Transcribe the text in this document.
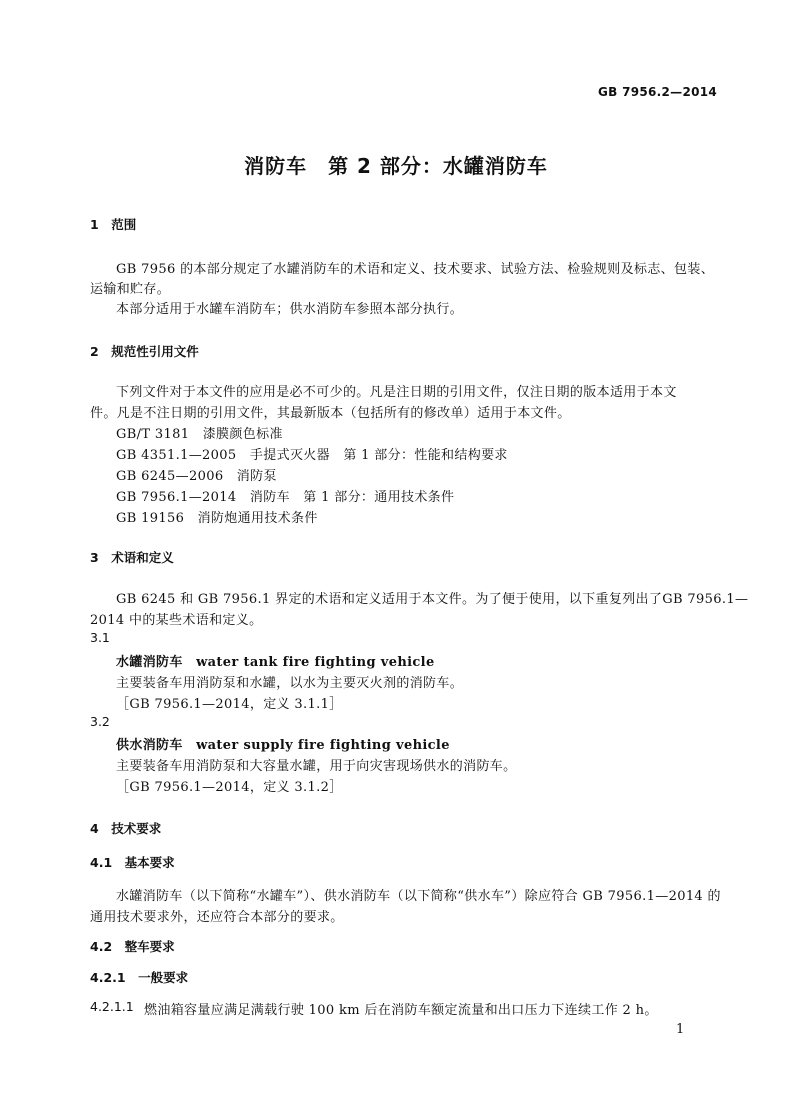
GB 7956.2—2014
消防车　第 2 部分：水罐消防车
1　范围
GB 7956 的本部分规定了水罐消防车的术语和定义、技术要求、试验方法、检验规则及标志、包装、
运输和贮存。
本部分适用于水罐车消防车；供水消防车参照本部分执行。
2　规范性引用文件
下列文件对于本文件的应用是必不可少的。凡是注日期的引用文件，仅注日期的版本适用于本文
件。凡是不注日期的引用文件，其最新版本（包括所有的修改单）适用于本文件。
GB/T 3181　漆膜颜色标准
GB 4351.1—2005　手提式灭火器　第 1 部分：性能和结构要求
GB 6245—2006　消防泵
GB 7956.1—2014　消防车　第 1 部分：通用技术条件
GB 19156　消防炮通用技术条件
3　术语和定义
GB 6245 和 GB 7956.1 界定的术语和定义适用于本文件。为了便于使用，以下重复列出了GB 7956.1—
2014 中的某些术语和定义。
3.1
水罐消防车　water tank fire fighting vehicle
主要装备车用消防泵和水罐，以水为主要灭火剂的消防车。
［GB 7956.1—2014，定义 3.1.1］
3.2
供水消防车　water supply fire fighting vehicle
主要装备车用消防泵和大容量水罐，用于向灾害现场供水的消防车。
［GB 7956.1—2014，定义 3.1.2］
4　技术要求
4.1　基本要求
水罐消防车（以下简称“水罐车”）、供水消防车（以下简称“供水车”）除应符合 GB 7956.1—2014 的
通用技术要求外，还应符合本部分的要求。
4.2　整车要求
4.2.1　一般要求
4.2.1.1 燃油箱容量应满足满载行驶 100 km 后在消防车额定流量和出口压力下连续工作 2 h。
1
